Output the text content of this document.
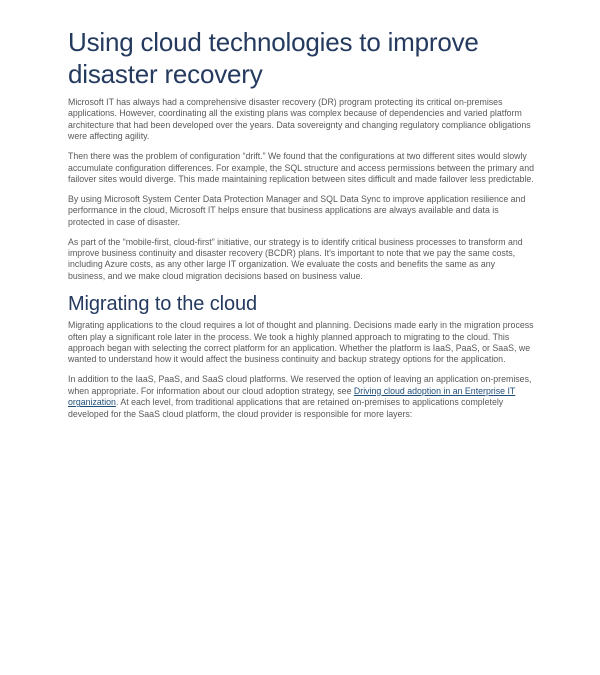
Using cloud technologies to improve disaster recovery

Microsoft IT has always had a comprehensive disaster recovery (DR) program protecting its critical on-premises applications. However, coordinating all the existing plans was complex because of dependencies and varied platform architecture that had been developed over the years. Data sovereignty and changing regulatory compliance obligations were affecting agility.

Then there was the problem of configuration “drift.” We found that the configurations at two different sites would slowly accumulate configuration differences. For example, the SQL structure and access permissions between the primary and failover sites would diverge. This made maintaining replication between sites difficult and made failover less predictable.

By using Microsoft System Center Data Protection Manager and SQL Data Sync to improve application resilience and performance in the cloud, Microsoft IT helps ensure that business applications are always available and data is protected in case of disaster.

As part of the “mobile-first, cloud-first” initiative, our strategy is to identify critical business processes to transform and improve business continuity and disaster recovery (BCDR) plans. It's important to note that we pay the same costs, including Azure costs, as any other large IT organization. We evaluate the costs and benefits the same as any business, and we make cloud migration decisions based on business value.

Migrating to the cloud

Migrating applications to the cloud requires a lot of thought and planning. Decisions made early in the migration process often play a significant role later in the process. We took a highly planned approach to migrating to the cloud. This approach began with selecting the correct platform for an application. Whether the platform is IaaS, PaaS, or SaaS, we wanted to understand how it would affect the business continuity and backup strategy options for the application.

In addition to the IaaS, PaaS, and SaaS cloud platforms. We reserved the option of leaving an application on-premises, when appropriate. For information about our cloud adoption strategy, see Driving cloud adoption in an Enterprise IT organization. At each level, from traditional applications that are retained on-premises to applications completely developed for the SaaS cloud platform, the cloud provider is responsible for more layers:
